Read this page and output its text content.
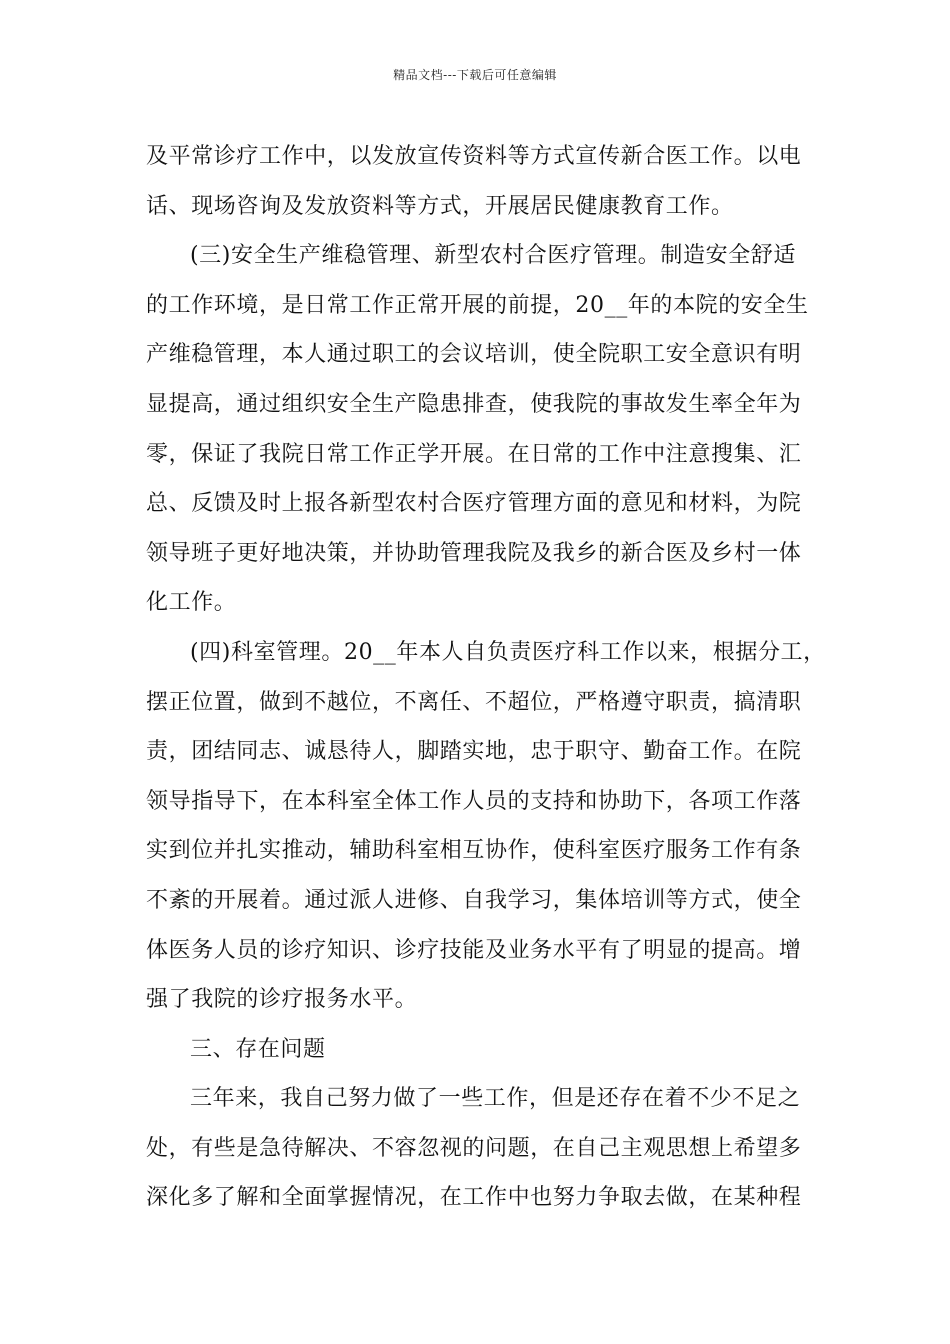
精品文档---下载后可任意编辑
及平常诊疗工作中，以发放宣传资料等方式宣传新合医工作。以电
话、现场咨询及发放资料等方式，开展居民健康教育工作。
(三)安全生产维稳管理、新型农村合医疗管理。制造安全舒适
的工作环境，是日常工作正常开展的前提，20__年的本院的安全生
产维稳管理，本人通过职工的会议培训，使全院职工安全意识有明
显提高，通过组织安全生产隐患排查，使我院的事故发生率全年为
零，保证了我院日常工作正学开展。在日常的工作中注意搜集、汇
总、反馈及时上报各新型农村合医疗管理方面的意见和材料，为院
领导班子更好地决策，并协助管理我院及我乡的新合医及乡村一体
化工作。
(四)科室管理。20__年本人自负责医疗科工作以来，根据分工，
摆正位置，做到不越位，不离任、不超位，严格遵守职责，搞清职
责，团结同志、诚恳待人，脚踏实地，忠于职守、勤奋工作。在院
领导指导下，在本科室全体工作人员的支持和协助下，各项工作落
实到位并扎实推动，辅助科室相互协作，使科室医疗服务工作有条
不紊的开展着。通过派人进修、自我学习，集体培训等方式，使全
体医务人员的诊疗知识、诊疗技能及业务水平有了明显的提高。增
强了我院的诊疗报务水平。
三、存在问题
三年来，我自己努力做了一些工作，但是还存在着不少不足之
处，有些是急待解决、不容忽视的问题，在自己主观思想上希望多
深化多了解和全面掌握情况，在工作中也努力争取去做，在某种程
